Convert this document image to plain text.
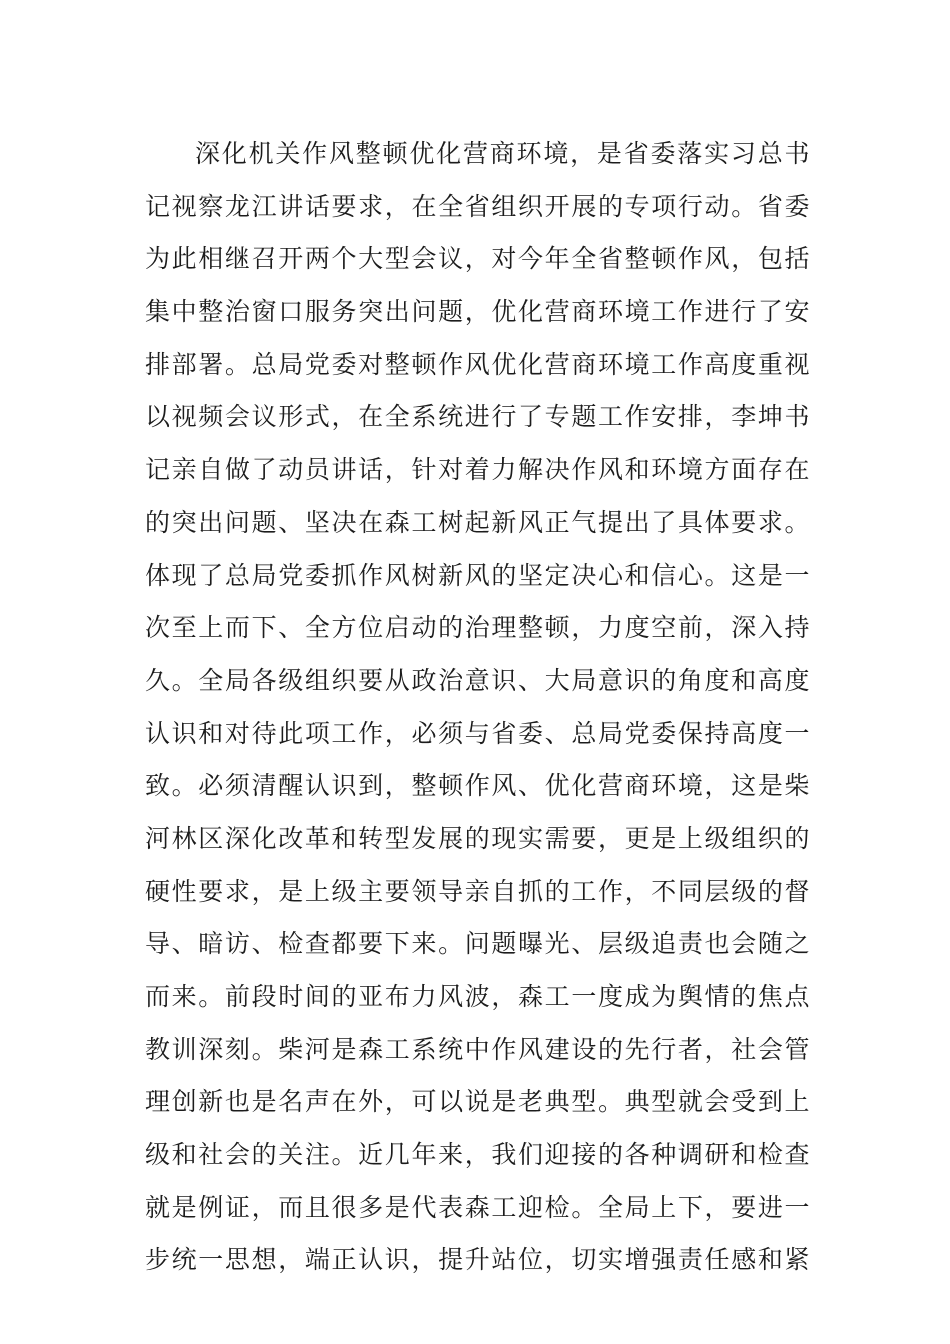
深化机关作风整顿优化营商环境，是省委落实习总书
记视察龙江讲话要求，在全省组织开展的专项行动。省委
为此相继召开两个大型会议，对今年全省整顿作风，包括
集中整治窗口服务突出问题，优化营商环境工作进行了安
排部署。总局党委对整顿作风优化营商环境工作高度重视
以视频会议形式，在全系统进行了专题工作安排，李坤书
记亲自做了动员讲话，针对着力解决作风和环境方面存在
的突出问题、坚决在森工树起新风正气提出了具体要求。
体现了总局党委抓作风树新风的坚定决心和信心。这是一
次至上而下、全方位启动的治理整顿，力度空前，深入持
久。全局各级组织要从政治意识、大局意识的角度和高度
认识和对待此项工作，必须与省委、总局党委保持高度一
致。必须清醒认识到，整顿作风、优化营商环境，这是柴
河林区深化改革和转型发展的现实需要，更是上级组织的
硬性要求，是上级主要领导亲自抓的工作，不同层级的督
导、暗访、检查都要下来。问题曝光、层级追责也会随之
而来。前段时间的亚布力风波，森工一度成为舆情的焦点
教训深刻。柴河是森工系统中作风建设的先行者，社会管
理创新也是名声在外，可以说是老典型。典型就会受到上
级和社会的关注。近几年来，我们迎接的各种调研和检查
就是例证，而且很多是代表森工迎检。全局上下，要进一
步统一思想，端正认识，提升站位，切实增强责任感和紧
